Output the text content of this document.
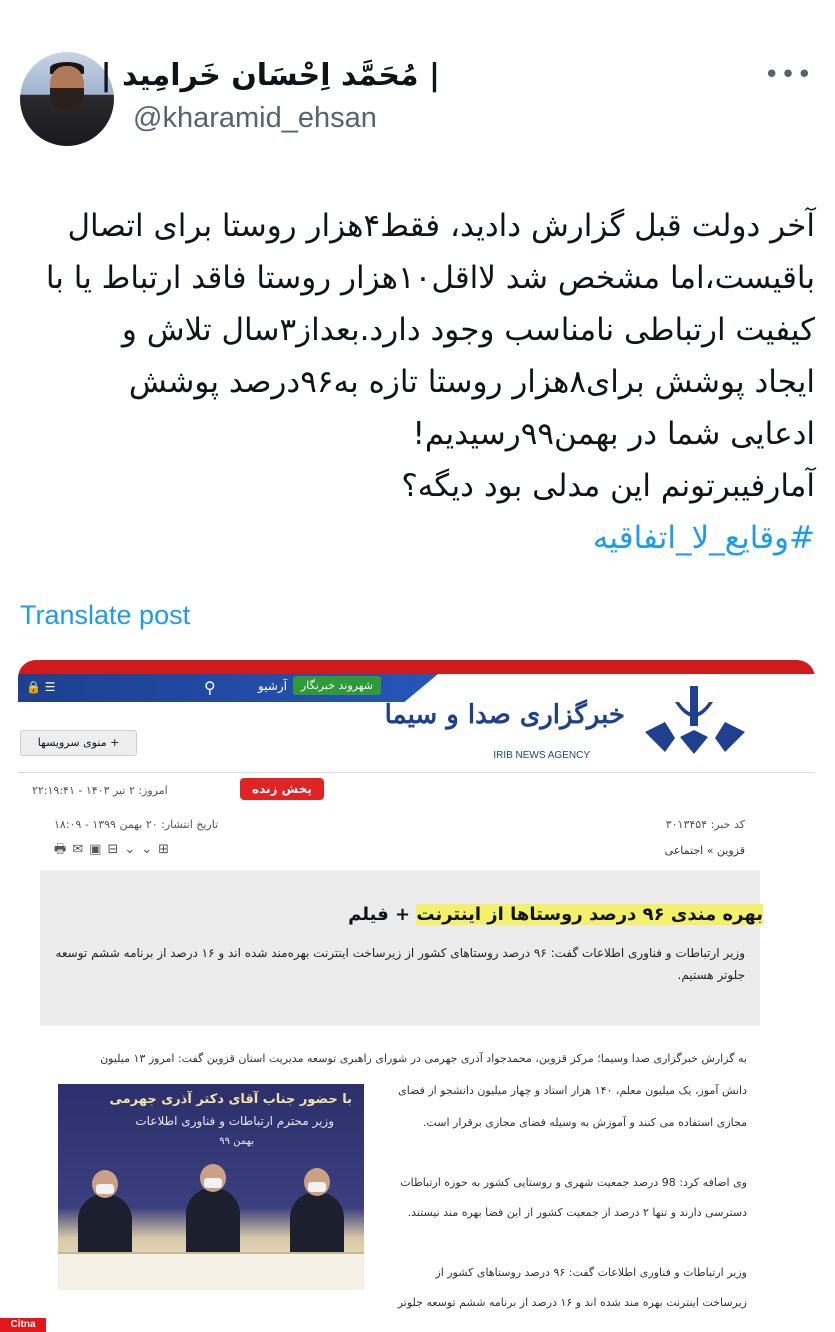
| مُحَمَّد اِحْسَان خَرامِید |
@kharamid_ehsan
•••
آخر دولت قبل گزارش دادید، فقط۴هزار روستا برای اتصال
باقیست،اما مشخص شد لااقل۱۰هزار روستا فاقد ارتباط یا با
کیفیت ارتباطی نامناسب وجود دارد.بعداز۳سال تلاش و
ایجاد پوشش برای۸هزار روستا تازه به۹۶درصد پوشش
ادعایی شما در بهمن۹۹رسیدیم!
آمارفیبرتونم این مدلی بود دیگه؟
#وقایع_لا_اتفاقیه
Translate post
🔒 ☰	⚲	آرشیو	شهروند خبرنگار
خبرگزاری صدا و سیما
IRIB NEWS AGENCY
+ منوی سرویسها
امروز: ۲ تیر ۱۴۰۳ - ۲۲:۱۹:۴۱	پخش زنده
تاریخ انتشار: ۲۰ بهمن ۱۳۹۹ - ۱۸:۰۹
🖶✉▣⊟⌄⌄⊞
کد خبر: ۳۰۱۳۴۵۴
قزوین » اجتماعی
بهره مندی ۹۶ درصد روستاها از اینترنت + فیلم
وزیر ارتباطات و فناوری اطلاعات گفت: ۹۶ درصد روستاهای کشور از زیرساخت اینترنت بهره‌مند شده اند و ۱۶ درصد از برنامه ششم توسعه جلوتر هستیم.
به گزارش خبرگزاری صدا وسیما؛ مرکز قزوین، محمدجواد آذری جهرمی در شورای راهبری توسعه مدیریت استان قزوین گفت: امروز ۱۳ میلیون
دانش آموز، یک میلیون معلم، ۱۴۰ هزار استاد و چهار میلیون دانشجو از فضای
مجازی استفاده می کنند و آموزش به وسیله فضای مجازی برقرار است.
وی اضافه کرد: 98 درصد جمعیت شهری و روستایی کشور به حوزه ارتباطات
دسترسی دارند و تنها ۲ درصد از جمعیت کشور از این فضا بهره مند نیستند.
وزیر ارتباطات و فناوری اطلاعات گفت: ۹۶ درصد روستاهای کشور از
زیرساخت اینترنت بهره مند شده اند و ۱۶ درصد از برنامه ششم توسعه جلوتر
با حضور جناب آقای دکتر آذری جهرمی
وزیر محترم ارتباطات و فناوری اطلاعات
بهمن ۹۹
Citna
